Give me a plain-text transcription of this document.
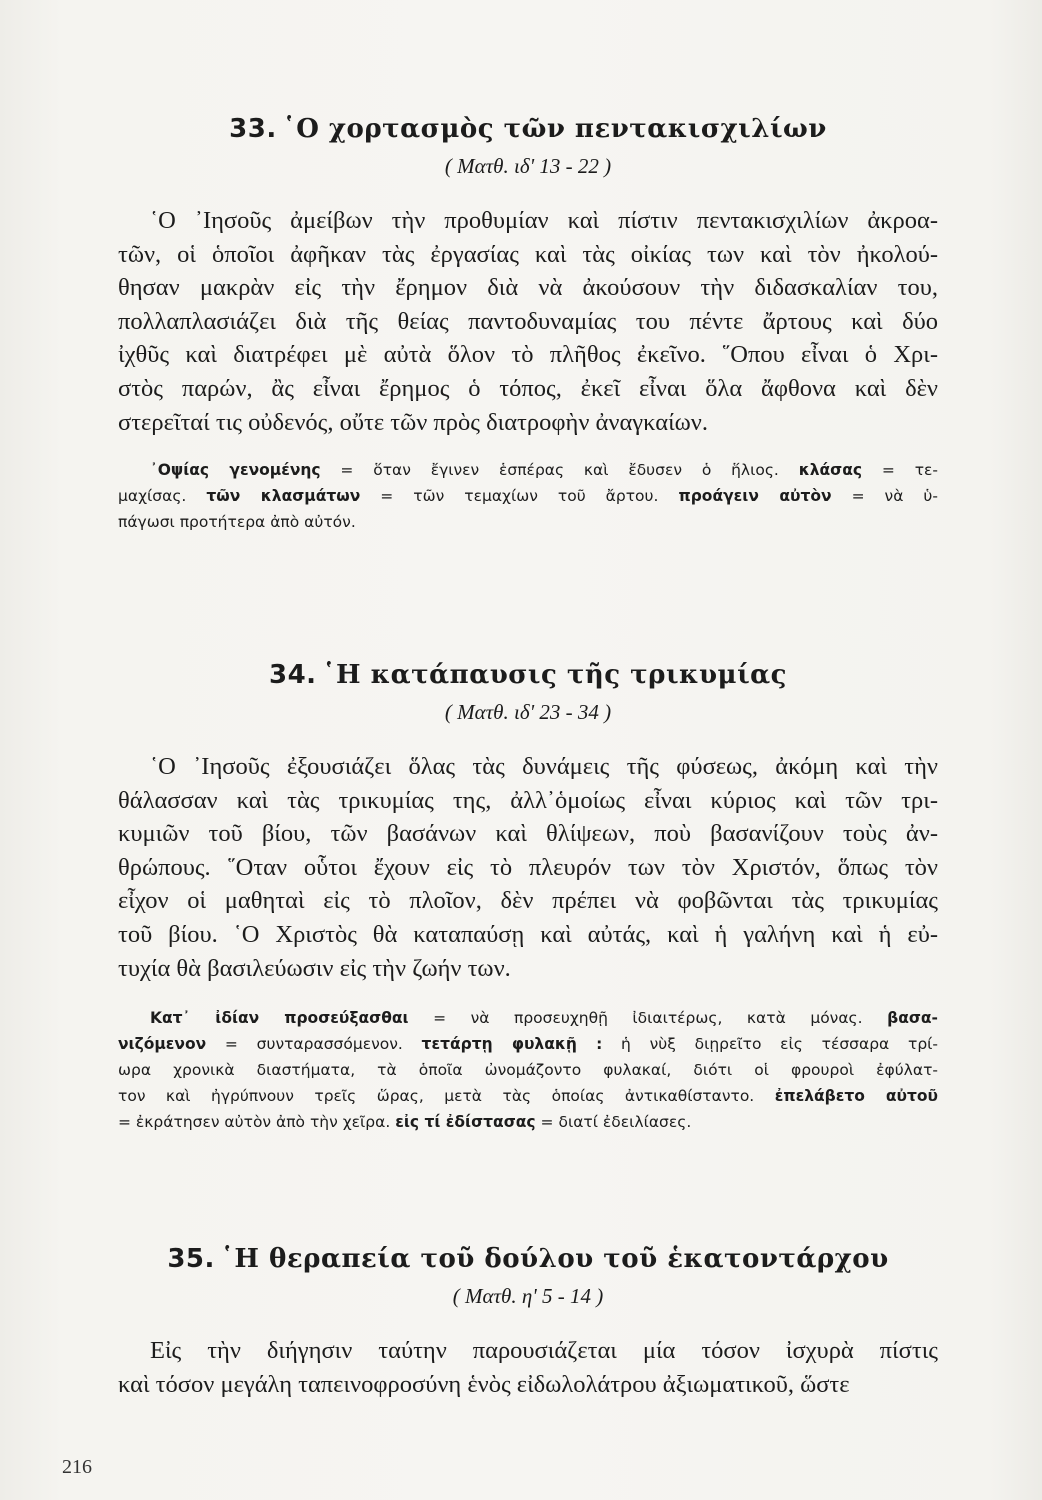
33. ῾Ο χορτασμὸς τῶν πεντακισχιλίων
( Ματθ. ιδ' 13 - 22 )
῾Ο ᾽Ιησοῦς ἀμείβων τὴν προθυμίαν καὶ πίστιν πεντακισχιλίων ἀκροα-
τῶν, οἱ ὁποῖοι ἀφῆκαν τὰς ἐργασίας καὶ τὰς οἰκίας των καὶ τὸν ἠκολού-
θησαν μακρὰν εἰς τὴν ἔρημον διὰ νὰ ἀκούσουν τὴν διδασκαλίαν του,
πολλαπλασιάζει διὰ τῆς θείας παντοδυναμίας του πέντε ἄρτους καὶ δύο
ἰχθῦς καὶ διατρέφει μὲ αὐτὰ ὅλον τὸ πλῆθος ἐκεῖνο. ῞Οπου εἶναι ὁ Χρι-
στὸς παρών, ἂς εἶναι ἔρημος ὁ τόπος, ἐκεῖ εἶναι ὅλα ἄφθονα καὶ δὲν
στερεῖταί τις οὐδενός, οὔτε τῶν πρὸς διατροφὴν ἀναγκαίων.
᾽Οψίας γενομένης = ὅταν ἔγινεν ἑσπέρας καὶ ἔδυσεν ὁ ἥλιος. κλάσας = τε-
μαχίσας. τῶν κλασμάτων = τῶν τεμαχίων τοῦ ἄρτου. προάγειν αὐτὸν = νὰ ὑ-
πάγωσι προτήτερα ἀπὸ αὐτόν.
34. ῾Η κατάπαυσις τῆς τρικυμίας
( Ματθ. ιδ' 23 - 34 )
῾Ο ᾽Ιησοῦς ἐξουσιάζει ὅλας τὰς δυνάμεις τῆς φύσεως, ἀκόμη καὶ τὴν
θάλασσαν καὶ τὰς τρικυμίας της, ἀλλ᾽ὁμοίως εἶναι κύριος καὶ τῶν τρι-
κυμιῶν τοῦ βίου, τῶν βασάνων καὶ θλίψεων, ποὺ βασανίζουν τοὺς ἀν-
θρώπους. ῞Οταν οὗτοι ἔχουν εἰς τὸ πλευρόν των τὸν Χριστόν, ὅπως τὸν
εἶχον οἱ μαθηταὶ εἰς τὸ πλοῖον, δὲν πρέπει νὰ φοβῶνται τὰς τρικυμίας
τοῦ βίου. ῾Ο Χριστὸς θὰ καταπαύσῃ καὶ αὐτάς, καὶ ἡ γαλήνη καὶ ἡ εὐ-
τυχία θὰ βασιλεύωσιν εἰς τὴν ζωήν των.
Κατ᾽ ἰδίαν προσεύξασθαι = νὰ προσευχηθῇ ἰδιαιτέρως, κατὰ μόνας. βασα-
νιζόμενον = συνταρασσόμενον. τετάρτῃ φυλακῇ : ἡ νὺξ διῃρεῖτο εἰς τέσσαρα τρί-
ωρα χρονικὰ διαστήματα, τὰ ὁποῖα ὠνομάζοντο φυλακαί, διότι οἱ φρουροὶ ἐφύλατ-
τον καὶ ἠγρύπνουν τρεῖς ὥρας, μετὰ τὰς ὁποίας ἀντικαθίσταντο. ἐπελάβετο αὐτοῦ
= ἐκράτησεν αὐτὸν ἀπὸ τὴν χεῖρα. εἰς τί ἐδίστασας = διατί ἐδειλίασες.
35. ῾Η θεραπεία τοῦ δούλου τοῦ ἑκατοντάρχου
( Ματθ. η' 5 - 14 )
Εἰς τὴν διήγησιν ταύτην παρουσιάζεται μία τόσον ἰσχυρὰ πίστις
καὶ τόσον μεγάλη ταπεινοφροσύνη ἑνὸς εἰδωλολάτρου ἀξιωματικοῦ, ὥστε
216
